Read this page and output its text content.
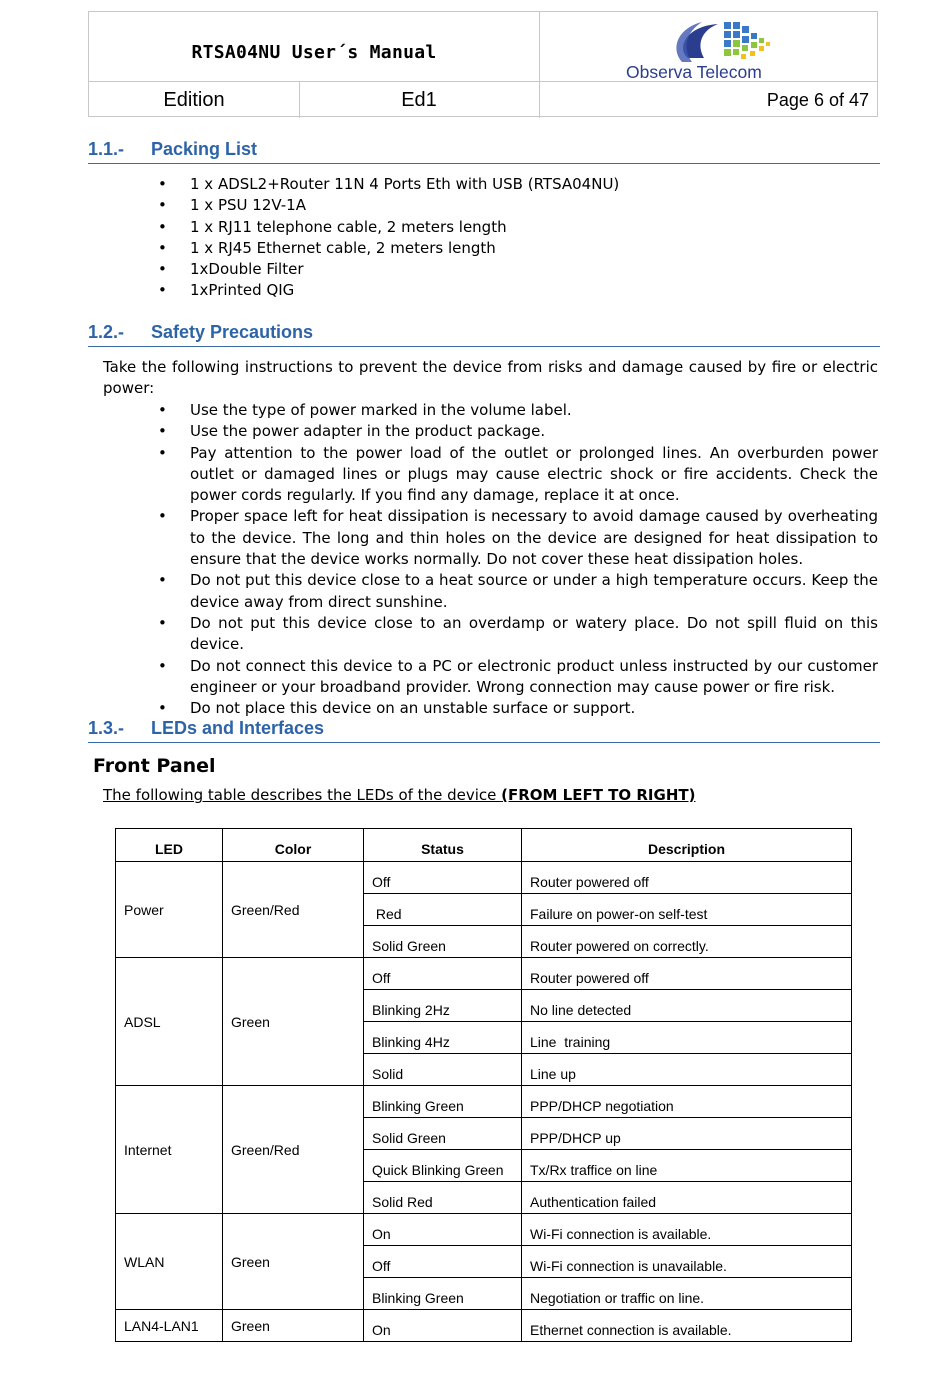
RTSA04NU User´s Manual
Edition	Ed1	Page 6 of 47
Observa Telecom
1.1.- Packing List
• 1 x ADSL2+Router 11N 4 Ports Eth with USB (RTSA04NU)
• 1 x PSU 12V-1A
• 1 x RJ11 telephone cable, 2 meters length
• 1 x RJ45 Ethernet cable, 2 meters length
• 1xDouble Filter
• 1xPrinted QIG
1.2.- Safety Precautions
Take the following instructions to prevent the device from risks and damage caused by fire or electric power:
• Use the type of power marked in the volume label.
• Use the power adapter in the product package.
• Pay attention to the power load of the outlet or prolonged lines. An overburden power outlet or damaged lines or plugs may cause electric shock or fire accidents. Check the power cords regularly. If you find any damage, replace it at once.
• Proper space left for heat dissipation is necessary to avoid damage caused by overheating to the device. The long and thin holes on the device are designed for heat dissipation to ensure that the device works normally. Do not cover these heat dissipation holes.
• Do not put this device close to a heat source or under a high temperature occurs. Keep the device away from direct sunshine.
• Do not put this device close to an overdamp or watery place. Do not spill fluid on this device.
• Do not connect this device to a PC or electronic product unless instructed by our customer engineer or your broadband provider. Wrong connection may cause power or fire risk.
• Do not place this device on an unstable surface or support.
1.3.- LEDs and Interfaces
Front Panel
The following table describes the LEDs of the device (FROM LEFT TO RIGHT)
LED	Color	Status	Description
Power	Green/Red	Off	Router powered off
		Red	Failure on power-on self-test
		Solid Green	Router powered on correctly.
ADSL	Green	Off	Router powered off
		Blinking 2Hz	No line detected
		Blinking 4Hz	Line  training
		Solid	Line up
Internet	Green/Red	Blinking Green	PPP/DHCP negotiation
		Solid Green	PPP/DHCP up
		Quick Blinking Green	Tx/Rx traffice on line
		Solid Red	Authentication failed
WLAN	Green	On	Wi-Fi connection is available.
		Off	Wi-Fi connection is unavailable.
		Blinking Green	Negotiation or traffic on line.
LAN4-LAN1	Green	On	Ethernet connection is available.
